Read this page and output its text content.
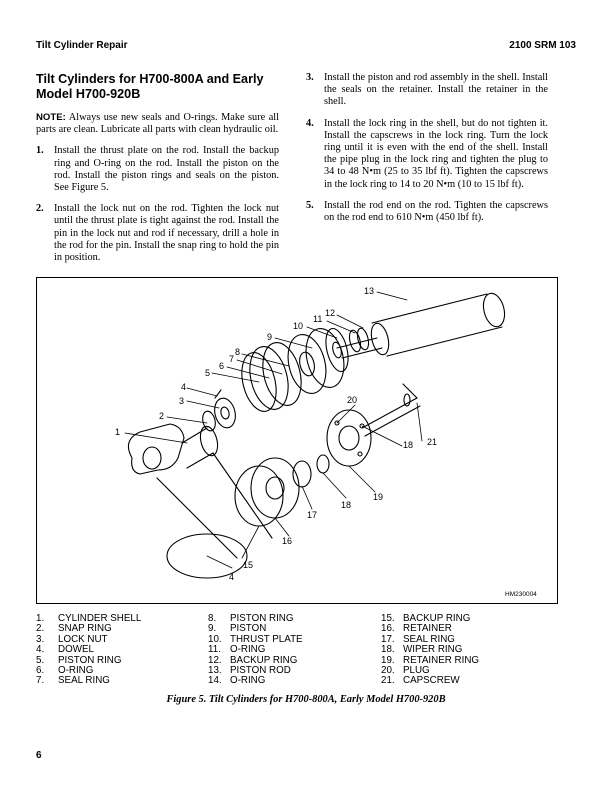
Tilt Cylinder Repair	2100 SRM 103
Tilt Cylinders for H700-800A and Early Model H700-920B
NOTE: Always use new seals and O-rings. Make sure all parts are clean. Lubricate all parts with clean hydraulic oil.
1. Install the thrust plate on the rod. Install the backup ring and O-ring on the rod. Install the piston on the rod. Install the piston rings and seals on the piston. See Figure 5.
2. Install the lock nut on the rod. Tighten the lock nut until the thrust plate is tight against the rod. Install the pin in the lock nut and rod if necessary, drill a hole in the rod for the pin. Install the snap ring to hold the pin in position.
3. Install the piston and rod assembly in the shell. Install the seals on the retainer. Install the retainer in the shell.
4. Install the lock ring in the shell, but do not tighten it. Install the capscrews in the lock ring. Turn the lock ring until it is even with the end of the shell. Install the pipe plug in the lock ring and tighten the plug to 34 to 48 N•m (25 to 35 lbf ft). Tighten the capscrews in the lock ring to 14 to 20 N•m (10 to 15 lbf ft).
5. Install the rod end on the rod. Tighten the capscrews on the rod end to 610 N•m (450 lbf ft).
1
2
3
4
5
6
7
8
9
10
11
12
13
20
18 21
19
18
17
16
15
4
HM230004
1. CYLINDER SHELL
2. SNAP RING
3. LOCK NUT
4. DOWEL
5. PISTON RING
6. O-RING
7. SEAL RING
8. PISTON RING
9. PISTON
10. THRUST PLATE
11. O-RING
12. BACKUP RING
13. PISTON ROD
14. O-RING
15. BACKUP RING
16. RETAINER
17. SEAL RING
18. WIPER RING
19. RETAINER RING
20. PLUG
21. CAPSCREW
Figure 5. Tilt Cylinders for H700-800A, Early Model H700-920B
6
